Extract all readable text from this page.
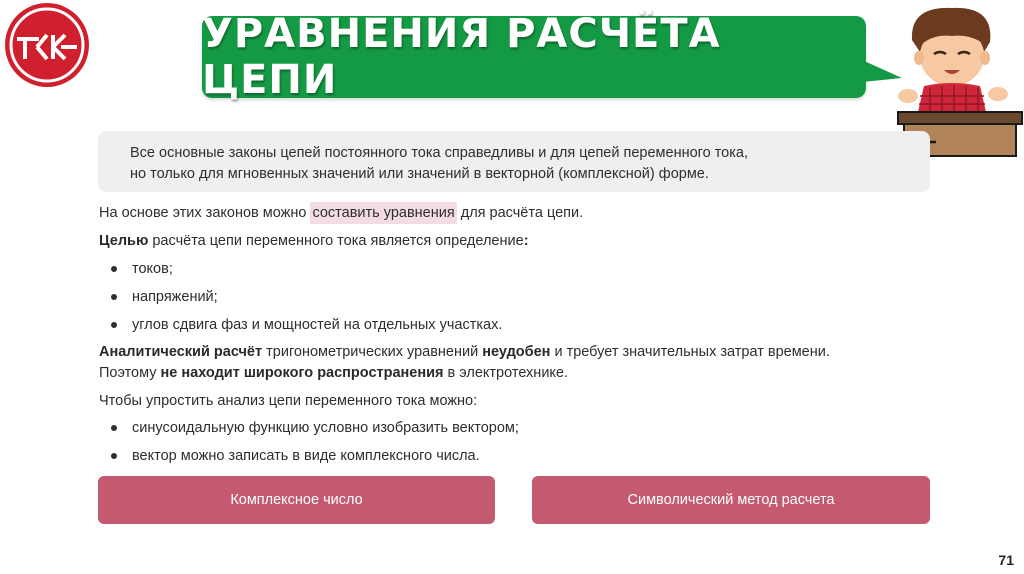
УРАВНЕНИЯ РАСЧЁТА ЦЕПИ

Все основные законы цепей постоянного тока справедливы и для цепей переменного тока,

но только для мгновенных значений или значений в векторной (комплексной) форме.

На основе этих законов можно составить уравнения для расчёта цепи.
Целью расчёта цепи переменного тока является определение:
токов;
напряжений;
углов сдвига фаз и мощностей на отдельных участках.
Аналитический расчёт тригонометрических уравнений неудобен и требует значительных затрат времени.
Поэтому не находит широкого распространения в электротехнике.
Чтобы упростить анализ цепи переменного тока можно:
синусоидальную функцию условно изобразить вектором;
вектор можно записать в виде комплексного числа.
Комплексное число	Символический метод расчета
71
